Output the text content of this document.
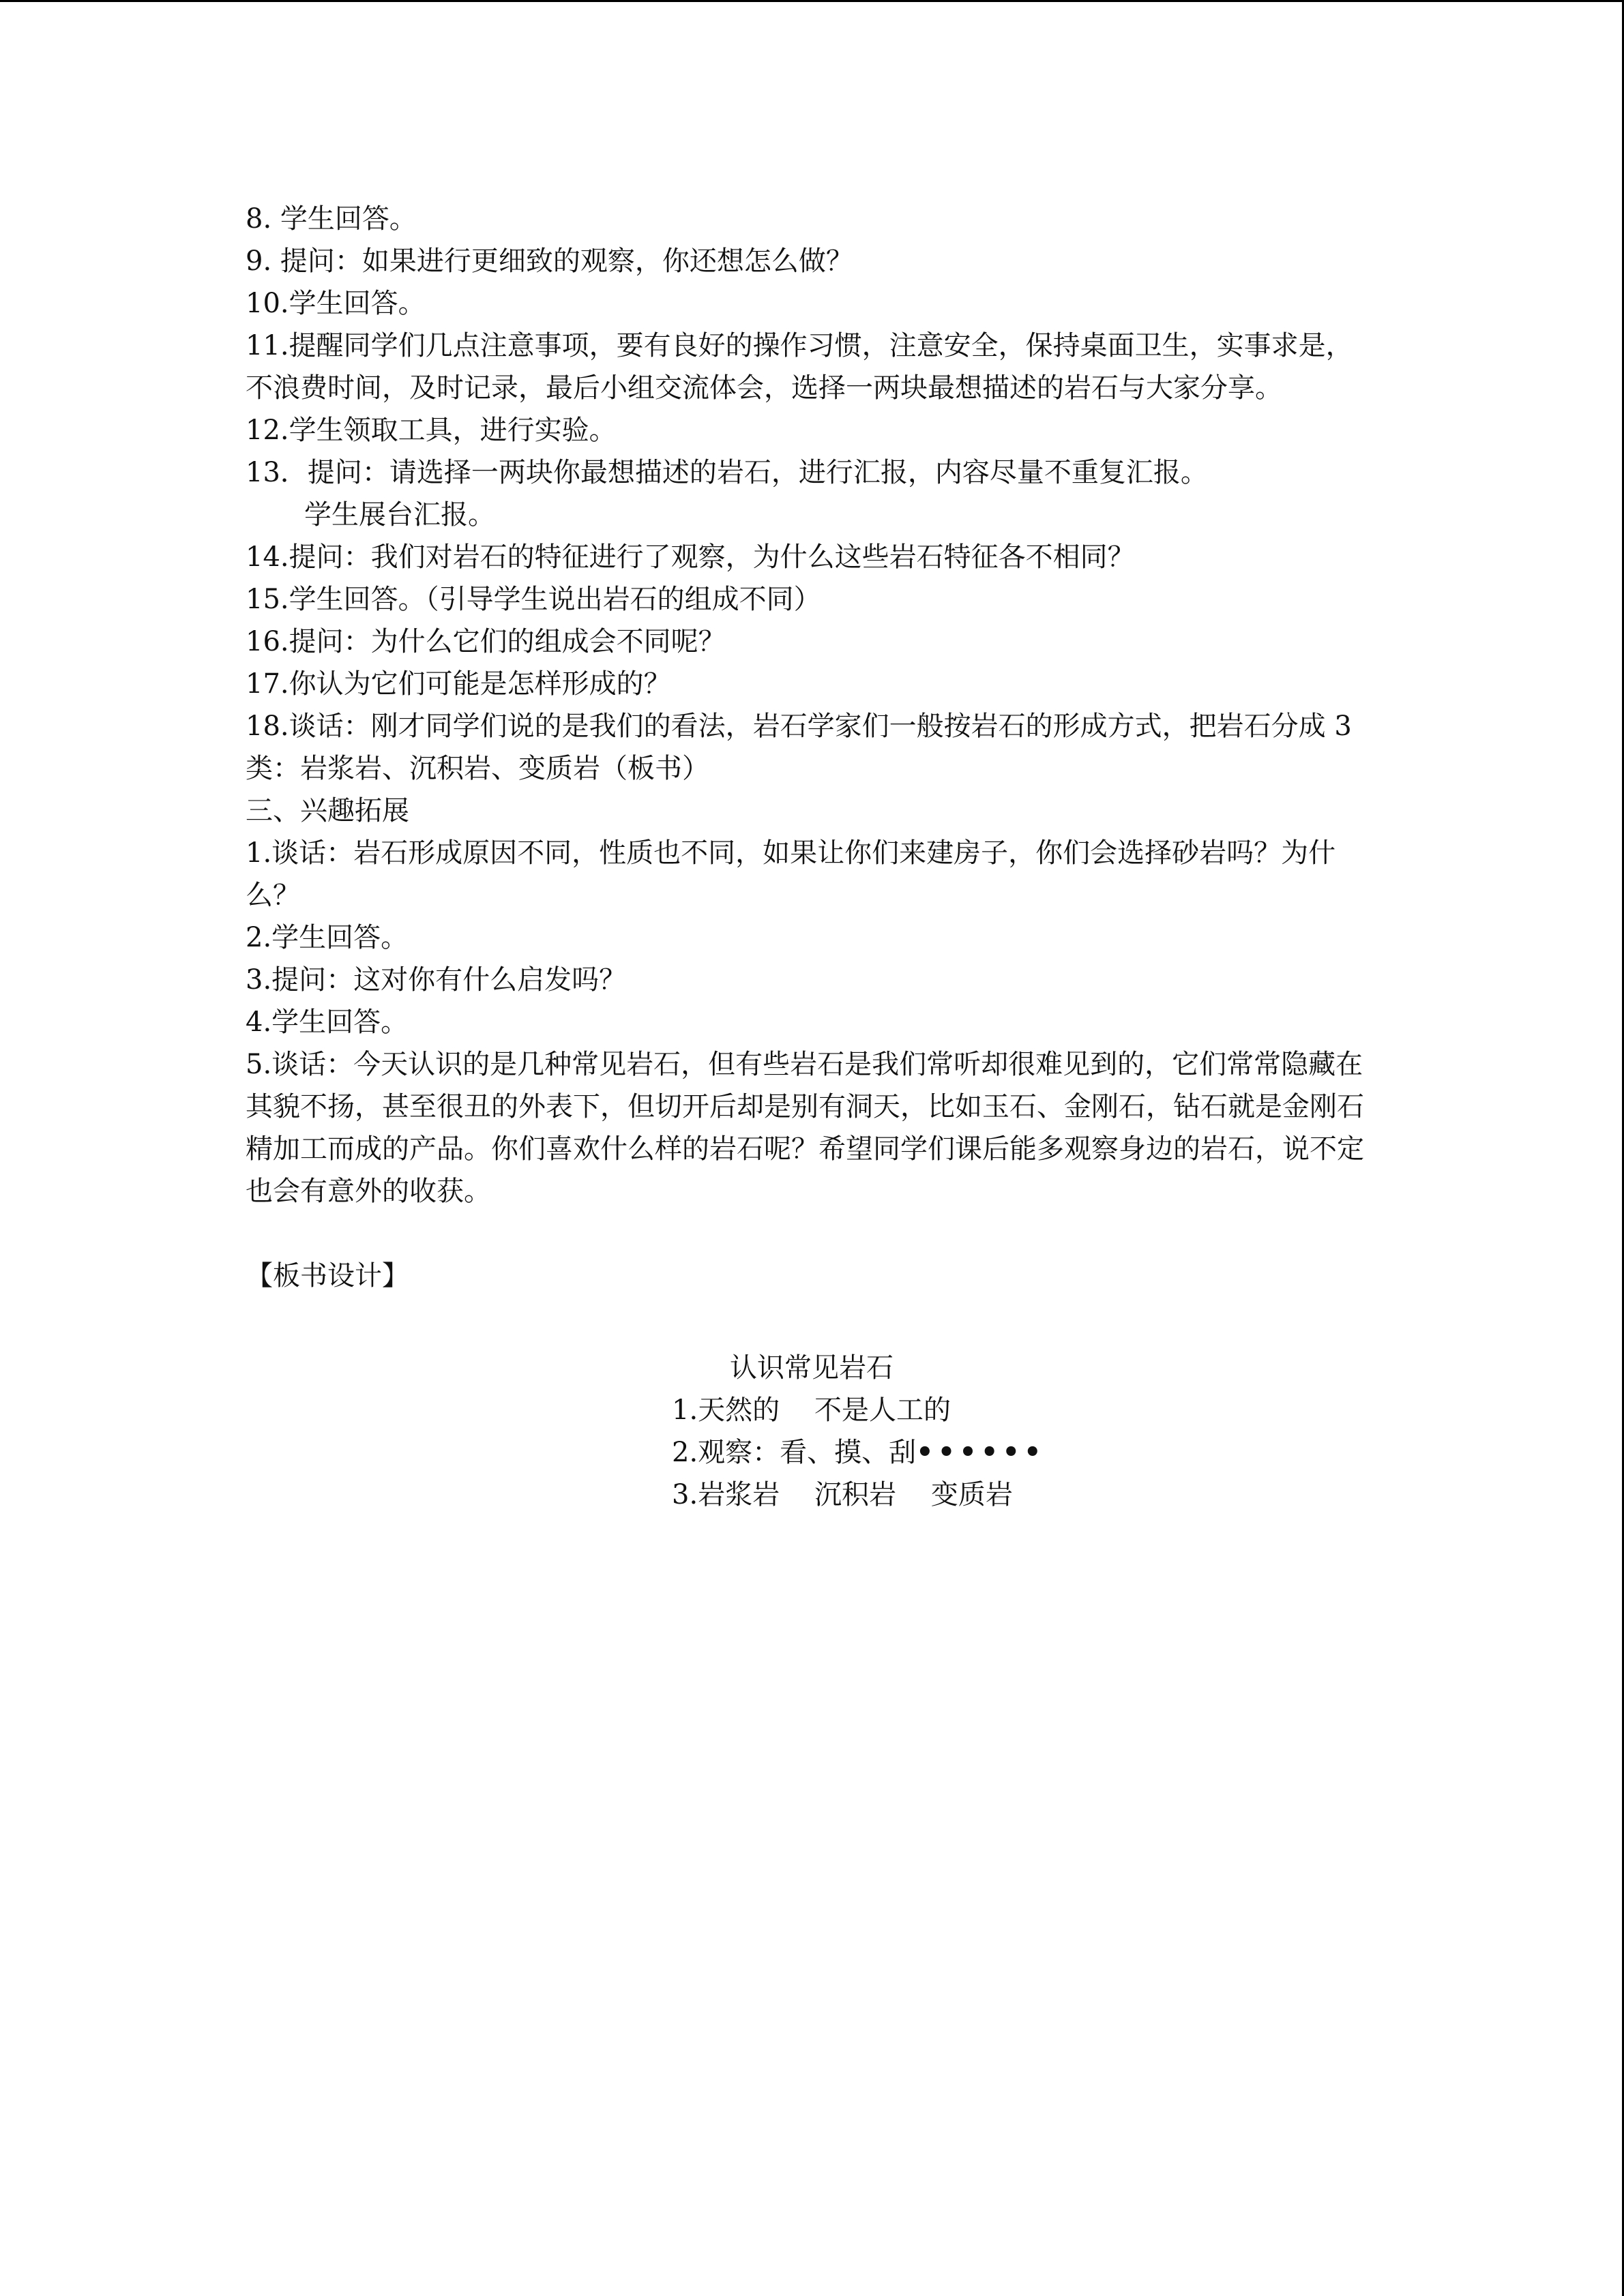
8. 学生回答。

9. 提问：如果进行更细致的观察，你还想怎么做？

10.学生回答。

11.提醒同学们几点注意事项，要有良好的操作习惯，注意安全，保持桌面卫生，实事求是，不浪费时间，及时记录，最后小组交流体会，选择一两块最想描述的岩石与大家分享。

12.学生领取工具，进行实验。

13．提问：请选择一两块你最想描述的岩石，进行汇报，内容尽量不重复汇报。

学生展台汇报。

14.提问：我们对岩石的特征进行了观察，为什么这些岩石特征各不相同？

15.学生回答。（引导学生说出岩石的组成不同）

16.提问：为什么它们的组成会不同呢？

17.你认为它们可能是怎样形成的？

18.谈话：刚才同学们说的是我们的看法，岩石学家们一般按岩石的形成方式，把岩石分成 3 类：岩浆岩、沉积岩、变质岩（板书）

三、兴趣拓展

1.谈话：岩石形成原因不同，性质也不同，如果让你们来建房子，你们会选择砂岩吗？为什么？

2.学生回答。

3.提问：这对你有什么启发吗？

4.学生回答。

5.谈话：今天认识的是几种常见岩石，但有些岩石是我们常听却很难见到的，它们常常隐藏在其貌不扬，甚至很丑的外表下，但切开后却是别有洞天，比如玉石、金刚石，钻石就是金刚石精加工而成的产品。你们喜欢什么样的岩石呢？希望同学们课后能多观察身边的岩石，说不定也会有意外的收获。

【板书设计】

认识常见岩石

1.天然的    不是人工的

2.观察：看、摸、刮••••••

3.岩浆岩    沉积岩    变质岩
